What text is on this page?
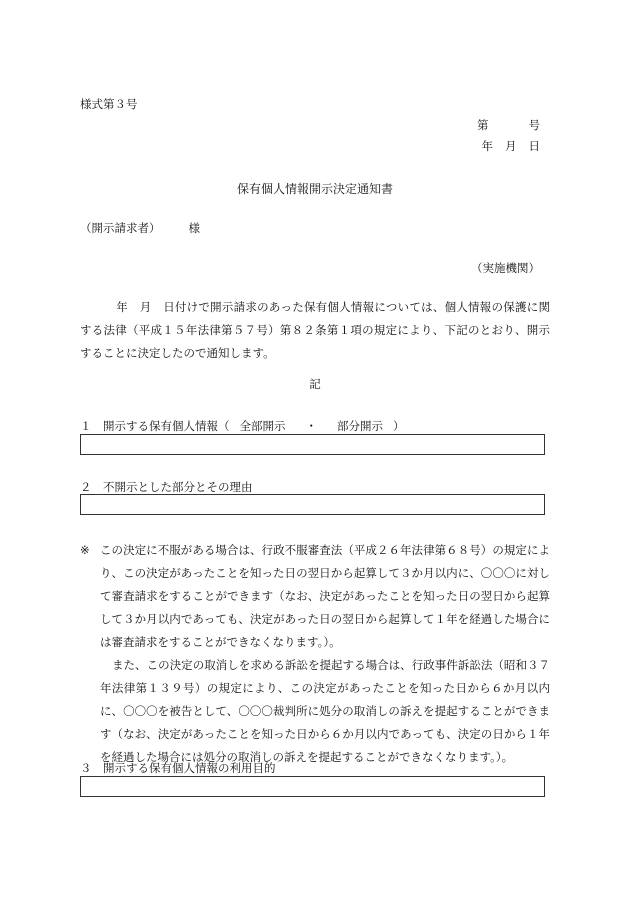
様式第３号
第	号
年 月 日
保有個人情報開示決定通知書
（開示請求者） 様
（実施機関）

年　月　日付けで開示請求のあった保有個人情報については、個人情報の保護に関する法律（平成１５年法律第５７号）第８２条第１項の規定により、下記のとおり、開示することに決定したので通知します。

記
１　開示する保有個人情報（ 全部開示 ・ 部分開示 ）
２　不開示とした部分とその理由
※ この決定に不服がある場合は、行政不服審査法（平成２６年法律第６８号）の規定により、この決定があったことを知った日の翌日から起算して３か月以内に、〇〇〇に対して審査請求をすることができます（なお、決定があったことを知った日の翌日から起算して３か月以内であっても、決定があった日の翌日から起算して１年を経過した場合には審査請求をすることができなくなります。）。

また、この決定の取消しを求める訴訟を提起する場合は、行政事件訴訟法（昭和３７年法律第１３９号）の規定により、この決定があったことを知った日から６か月以内に、〇〇〇を被告として、〇〇〇裁判所に処分の取消しの訴えを提起することができます（なお、決定があったことを知った日から６か月以内であっても、決定の日から１年を経過した場合には処分の取消しの訴えを提起することができなくなります。）。

３　開示する保有個人情報の利用目的
